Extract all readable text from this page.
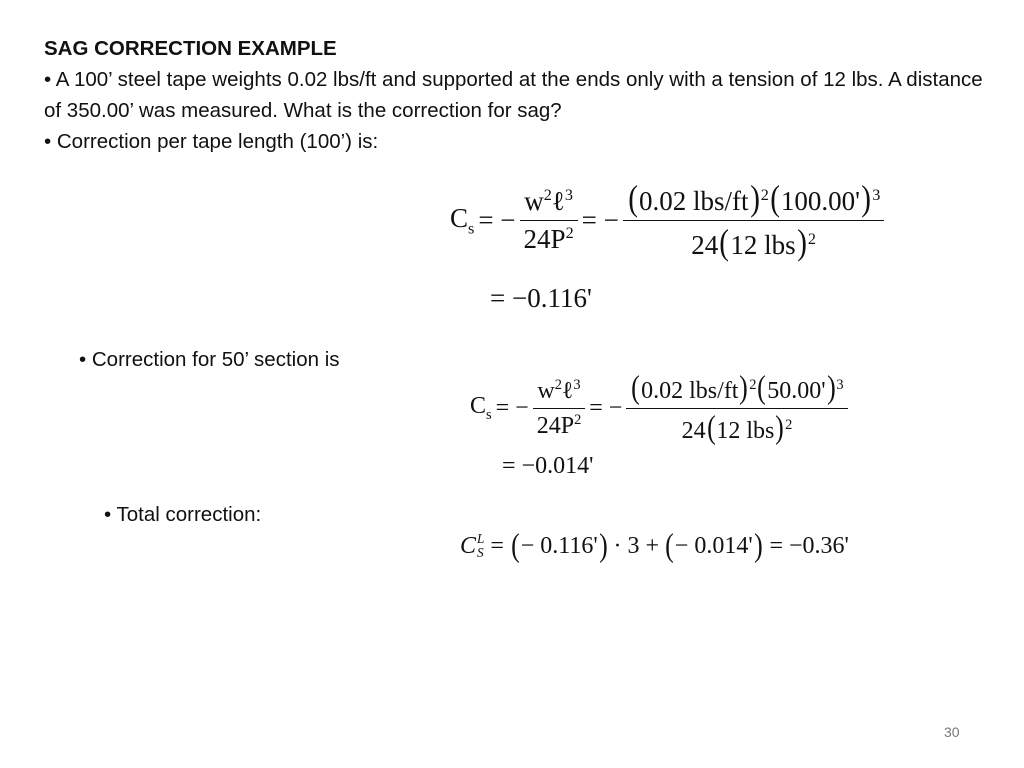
SAG CORRECTION EXAMPLE
• A 100’ steel tape weights 0.02 lbs/ft and supported at the ends only with a tension of 12 lbs. A distance of 350.00’ was measured. What is the correction for sag?
• Correction per tape length (100’) is:
$C_s$ = − $\frac{w^2\ell^3}{24P^2}$ = − $\frac{(0.02 lbs/ft)^2(100.00')^3}{24(12 lbs)^2}$
= −0.116'
• Correction for 50’ section is
$C_s$ = − $\frac{w^2\ell^3}{24P^2}$ = − $\frac{(0.02 lbs/ft)^2(50.00')^3}{24(12 lbs)^2}$
= −0.014'
• Total correction:
C L
S = ( − 0.116' ) · 3 + ( − 0.014' ) = −0.36'
30
